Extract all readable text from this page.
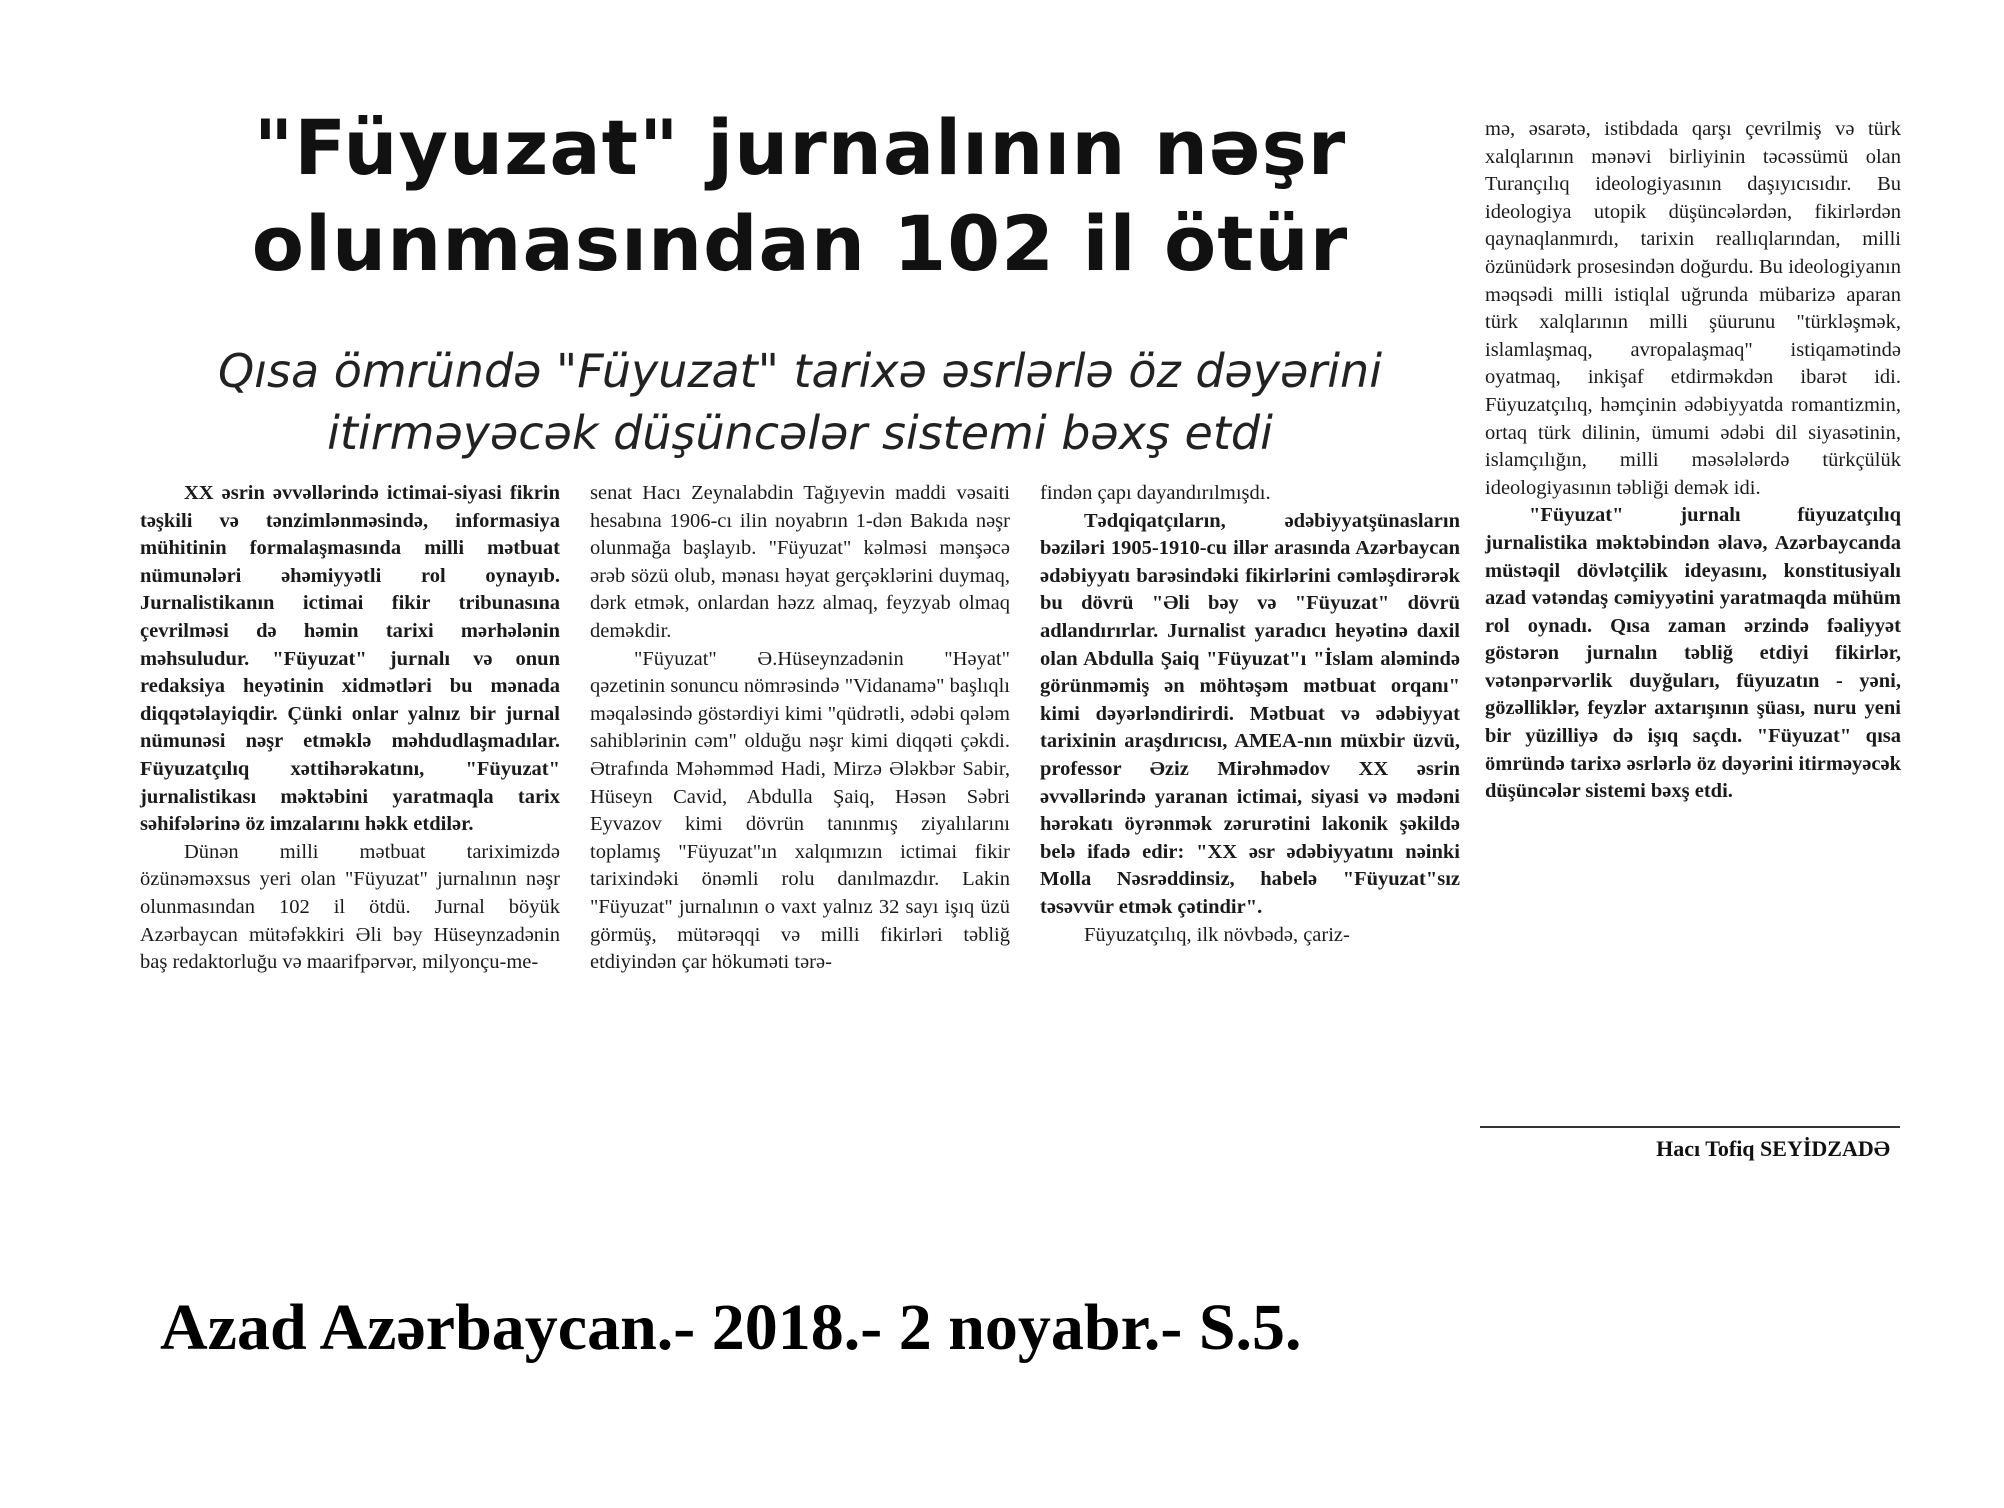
"Füyuzat" jurnalının nəşr
olunmasından 102 il ötür
Qısa ömründə "Füyuzat" tarixə əsrlərlə öz dəyərini
itirməyəcək düşüncələr sistemi bəxş etdi

XX əsrin əvvəllərində ictimai-siyasi fikrin təşkili və tənzimlənməsində, informasiya mühitinin formalaşmasında milli mətbuat nümunələri əhəmiyyətli rol oynayıb. Jurnalistikanın ictimai fikir tribunasına çevrilməsi də həmin tarixi mərhələnin məhsuludur. "Füyuzat" jurnalı və onun redaksiya heyətinin xidmətləri bu mənada diqqətəlayiqdir. Çünki onlar yalnız bir jurnal nümunəsi nəşr etməklə məhdudlaşmadılar. Füyuzatçılıq xəttihərəkatını, "Füyuzat" jurnalistikası məktəbini yaratmaqla tarix səhifələrinə öz imzalarını həkk etdilər.

Dünən milli mətbuat tariximizdə özünəməxsus yeri olan "Füyuzat" jurnalının nəşr olunmasından 102 il ötdü. Jurnal böyük Azərbaycan mütəfəkkiri Əli bəy Hüseynzadənin baş redaktorluğu və maarifpərvər, milyonçu-me-

senat Hacı Zeynalabdin Tağıyevin maddi vəsaiti hesabına 1906-cı ilin noyabrın 1-dən Bakıda nəşr olunmağa başlayıb. "Füyuzat" kəlməsi mənşəcə ərəb sözü olub, mənası həyat gerçəklərini duymaq, dərk etmək, onlardan həzz almaq, feyzyab olmaq deməkdir.

"Füyuzat" Ə.Hüseynzadənin "Həyat" qəzetinin sonuncu nömrəsində "Vidanamə" başlıqlı məqaləsində göstərdiyi kimi "qüdrətli, ədəbi qələm sahiblərinin cəm" olduğu nəşr kimi diqqəti çəkdi. Ətrafında Məhəmməd Hadi, Mirzə Ələkbər Sabir, Hüseyn Cavid, Abdulla Şaiq, Həsən Səbri Eyvazov kimi dövrün tanınmış ziyalılarını toplamış "Füyuzat"ın xalqımızın ictimai fikir tarixindəki önəmli rolu danılmazdır. Lakin "Füyuzat" jurnalının o vaxt yalnız 32 sayı işıq üzü görmüş, mütərəqqi və milli fikirləri təbliğ etdiyindən çar hökuməti tərə-

findən çapı dayandırılmışdı.

Tədqiqatçıların, ədəbiyyatşünasların bəziləri 1905-1910-cu illər arasında Azərbaycan ədəbiyyatı barəsindəki fikirlərini cəmləşdirərək bu dövrü "Əli bəy və "Füyuzat" dövrü adlandırırlar. Jurnalist yaradıcı heyətinə daxil olan Abdulla Şaiq "Füyuzat"ı "İslam aləmində görünməmiş ən möhtəşəm mətbuat orqanı" kimi dəyərləndirirdi. Mətbuat və ədəbiyyat tarixinin araşdırıcısı, AMEA-nın müxbir üzvü, professor Əziz Mirəhmədov XX əsrin əvvəllərində yaranan ictimai, siyasi və mədəni hərəkatı öyrənmək zərurətini lakonik şəkildə belə ifadə edir: "XX əsr ədəbiyyatını nəinki Molla Nəsrəddinsiz, habelə "Füyuzat"sız təsəvvür etmək çətindir".

Füyuzatçılıq, ilk növbədə, çariz-

mə, əsarətə, istibdada qarşı çevrilmiş və türk xalqlarının mənəvi birliyinin təcəssümü olan Turançılıq ideologiyasının daşıyıcısıdır. Bu ideologiya utopik düşüncələrdən, fikirlərdən qaynaqlanmırdı, tarixin reallıqlarından, milli özünüdərk prosesindən doğurdu. Bu ideologiyanın məqsədi milli istiqlal uğrunda mübarizə aparan türk xalqlarının milli şüurunu "türkləşmək, islamlaşmaq, avropalaşmaq" istiqamətində oyatmaq, inkişaf etdirməkdən ibarət idi. Füyuzatçılıq, həmçinin ədəbiyyatda romantizmin, ortaq türk dilinin, ümumi ədəbi dil siyasətinin, islamçılığın, milli məsələlərdə türkçülük ideologiyasının təbliği demək idi.

"Füyuzat" jurnalı füyuzatçılıq jurnalistika məktəbindən əlavə, Azərbaycanda müstəqil dövlətçilik ideyasını, konstitusiyalı azad vətəndaş cəmiyyətini yaratmaqda mühüm rol oynadı. Qısa zaman ərzində fəaliyyət göstərən jurnalın təbliğ etdiyi fikirlər, vətənpərvərlik duyğuları, füyuzatın - yəni, gözəlliklər, feyzlər axtarışının şüası, nuru yeni bir yüzilliyə də işıq saçdı. "Füyuzat" qısa ömründə tarixə əsrlərlə öz dəyərini itirməyəcək düşüncələr sistemi bəxş etdi.

Hacı Tofiq SEYİDZADƏ
Azad Azərbaycan.- 2018.- 2 noyabr.- S.5.
